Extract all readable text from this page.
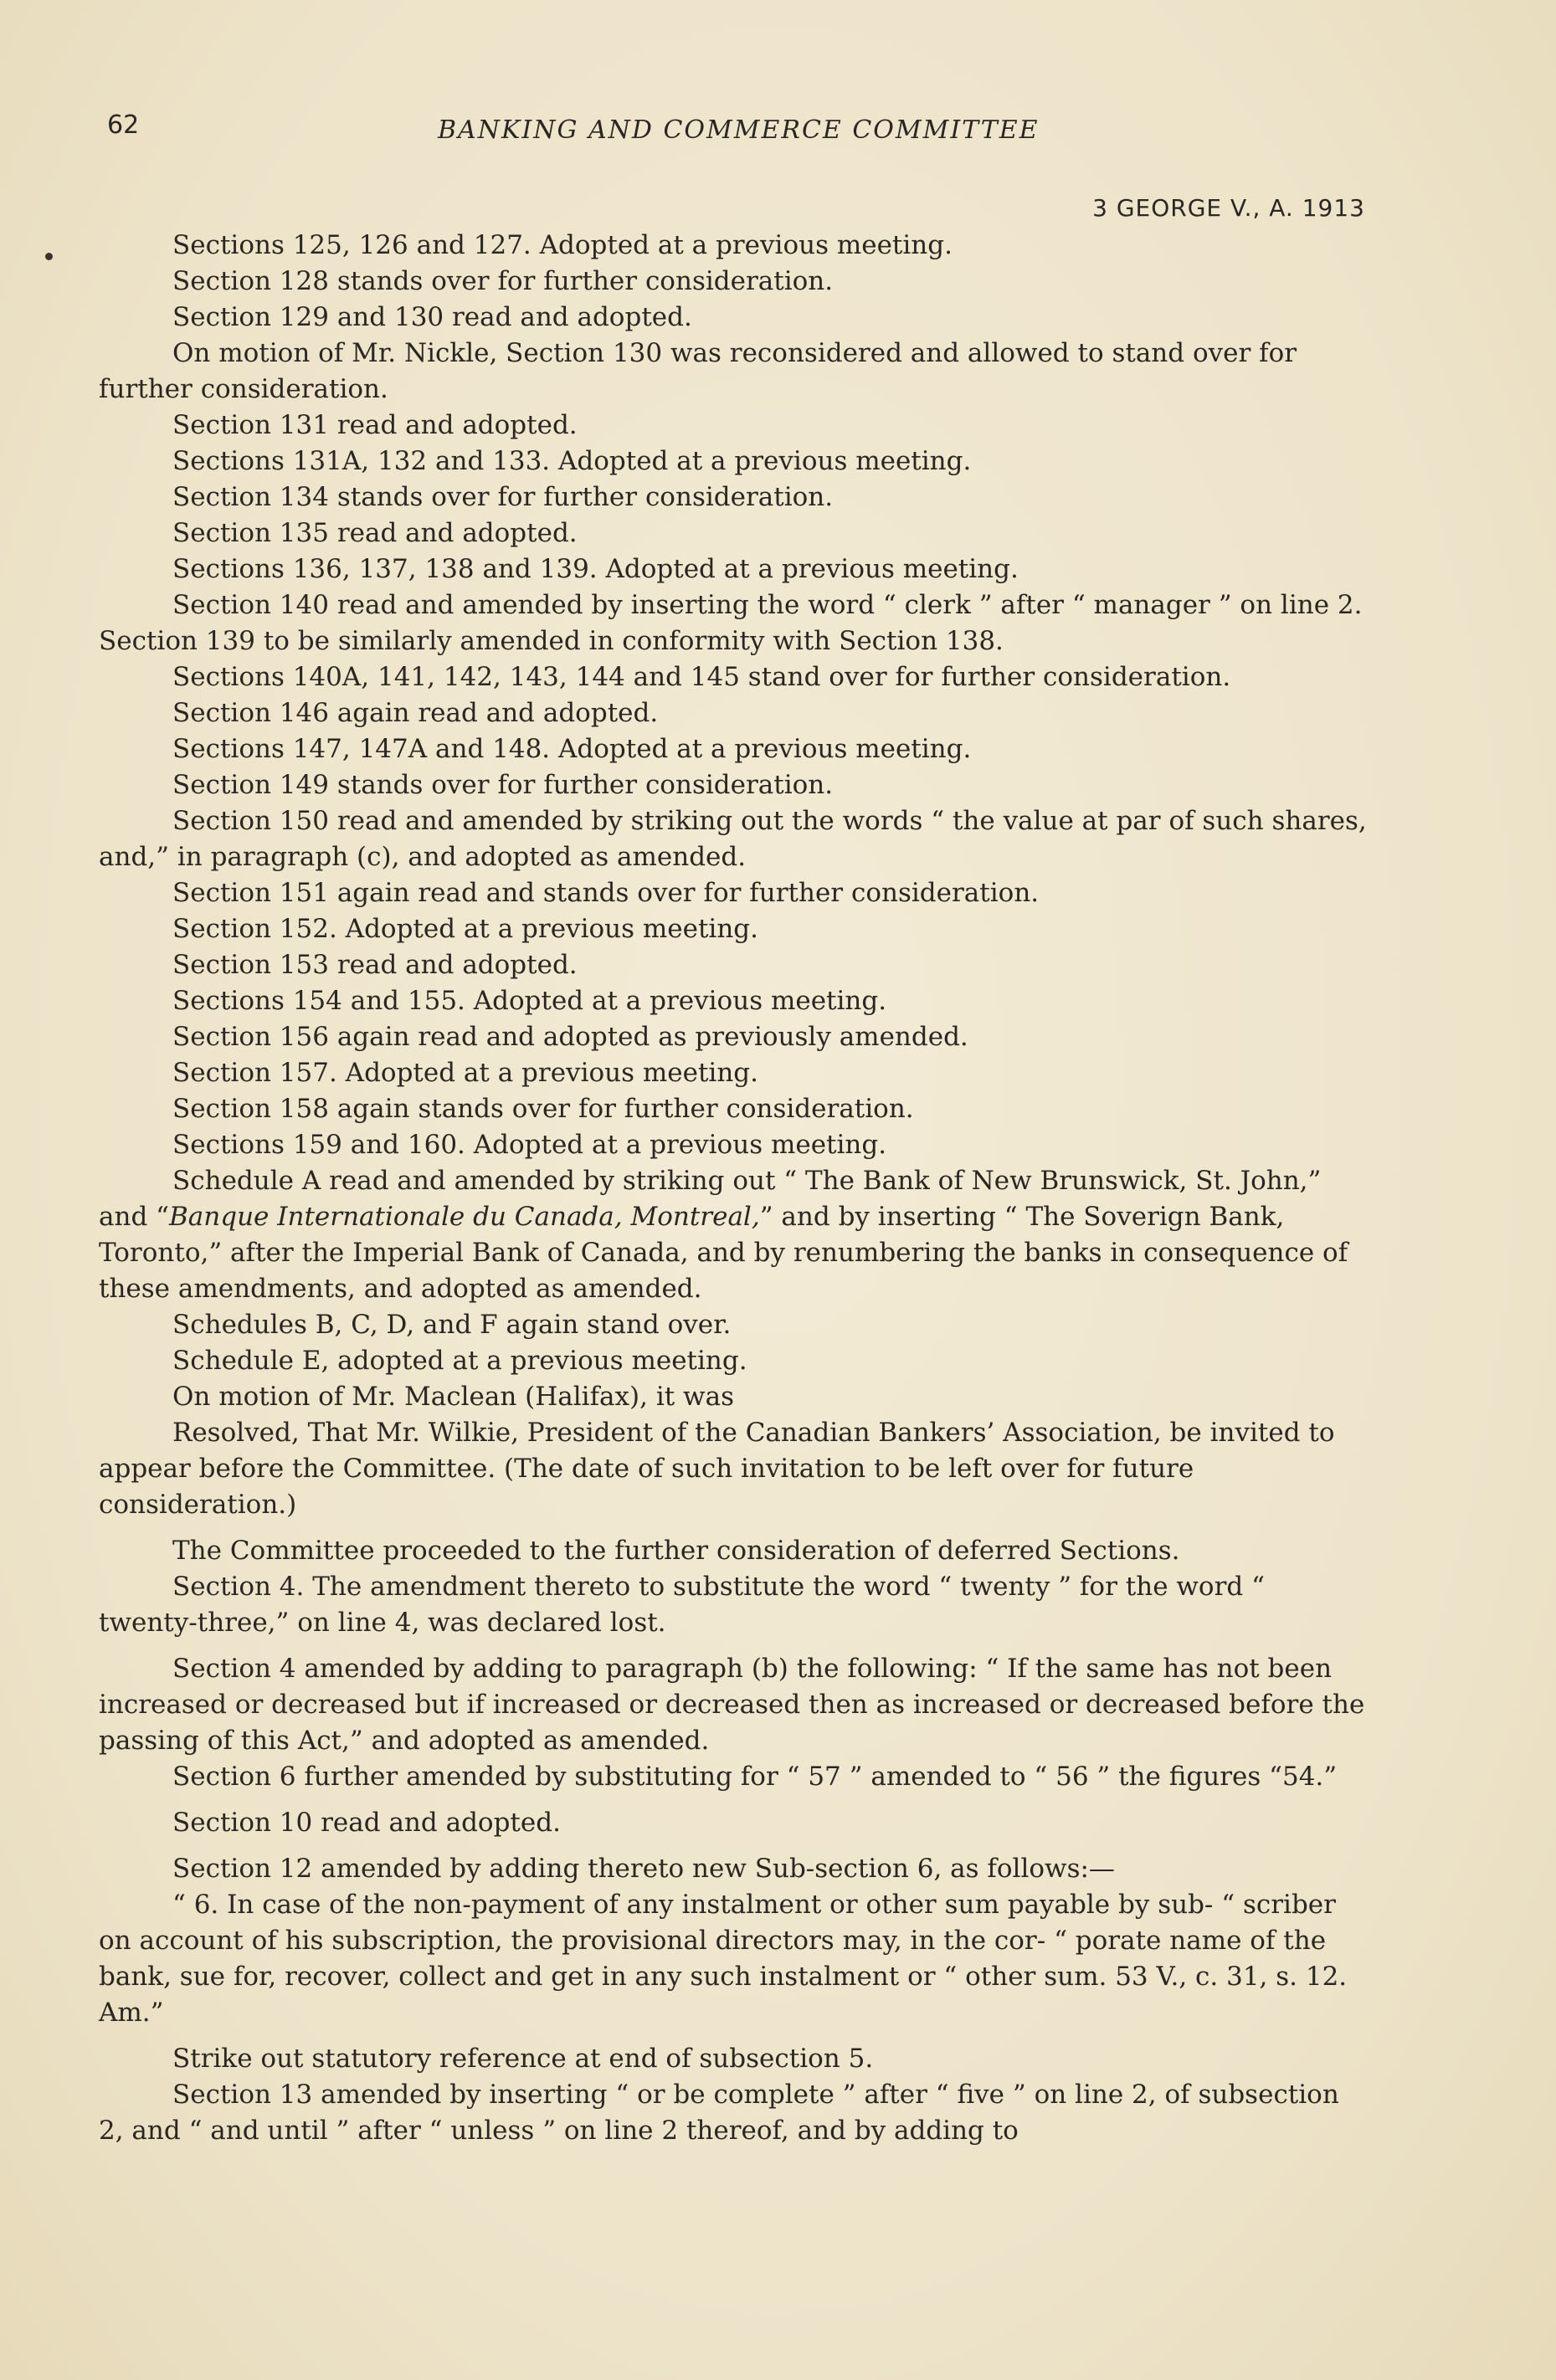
62	BANKING AND COMMERCE COMMITTEE
3 GEORGE V., A. 1913

Sections 125, 126 and 127. Adopted at a previous meeting.

Section 128 stands over for further consideration.

Section 129 and 130 read and adopted.

On motion of Mr. Nickle, Section 130 was reconsidered and allowed to stand over for further consideration.

Section 131 read and adopted.

Sections 131A, 132 and 133. Adopted at a previous meeting.

Section 134 stands over for further consideration.

Section 135 read and adopted.

Sections 136, 137, 138 and 139. Adopted at a previous meeting.

Section 140 read and amended by inserting the word “ clerk ” after “ manager ” on line 2. Section 139 to be similarly amended in conformity with Section 138.

Sections 140A, 141, 142, 143, 144 and 145 stand over for further consideration.

Section 146 again read and adopted.

Sections 147, 147A and 148. Adopted at a previous meeting.

Section 149 stands over for further consideration.

Section 150 read and amended by striking out the words “ the value at par of such shares, and,” in paragraph (c), and adopted as amended.

Section 151 again read and stands over for further consideration.

Section 152. Adopted at a previous meeting.

Section 153 read and adopted.

Sections 154 and 155. Adopted at a previous meeting.

Section 156 again read and adopted as previously amended.

Section 157. Adopted at a previous meeting.

Section 158 again stands over for further consideration.

Sections 159 and 160. Adopted at a previous meeting.

Schedule A read and amended by striking out “ The Bank of New Brunswick, St. John,” and “Banque Internationale du Canada, Montreal,” and by inserting “ The Soverign Bank, Toronto,” after the Imperial Bank of Canada, and by renumbering the banks in consequence of these amendments, and adopted as amended.

Schedules B, C, D, and F again stand over.

Schedule E, adopted at a previous meeting.

On motion of Mr. Maclean (Halifax), it was

Resolved, That Mr. Wilkie, President of the Canadian Bankers’ Association, be invited to appear before the Committee. (The date of such invitation to be left over for future consideration.)

The Committee proceeded to the further consideration of deferred Sections.

Section 4. The amendment thereto to substitute the word “ twenty ” for the word “ twenty-three,” on line 4, was declared lost.

Section 4 amended by adding to paragraph (b) the following: “ If the same has not been increased or decreased but if increased or decreased then as increased or decreased before the passing of this Act,” and adopted as amended.

Section 6 further amended by substituting for “ 57 ” amended to “ 56 ” the figures “54.”

Section 10 read and adopted.

Section 12 amended by adding thereto new Sub-section 6, as follows:—

“ 6. In case of the non-payment of any instalment or other sum payable by sub- “ scriber on account of his subscription, the provisional directors may, in the cor- “ porate name of the bank, sue for, recover, collect and get in any such instalment or “ other sum. 53 V., c. 31, s. 12. Am.”

Strike out statutory reference at end of subsection 5.

Section 13 amended by inserting “ or be complete ” after “ five ” on line 2, of subsection 2, and “ and until ” after “ unless ” on line 2 thereof, and by adding to
